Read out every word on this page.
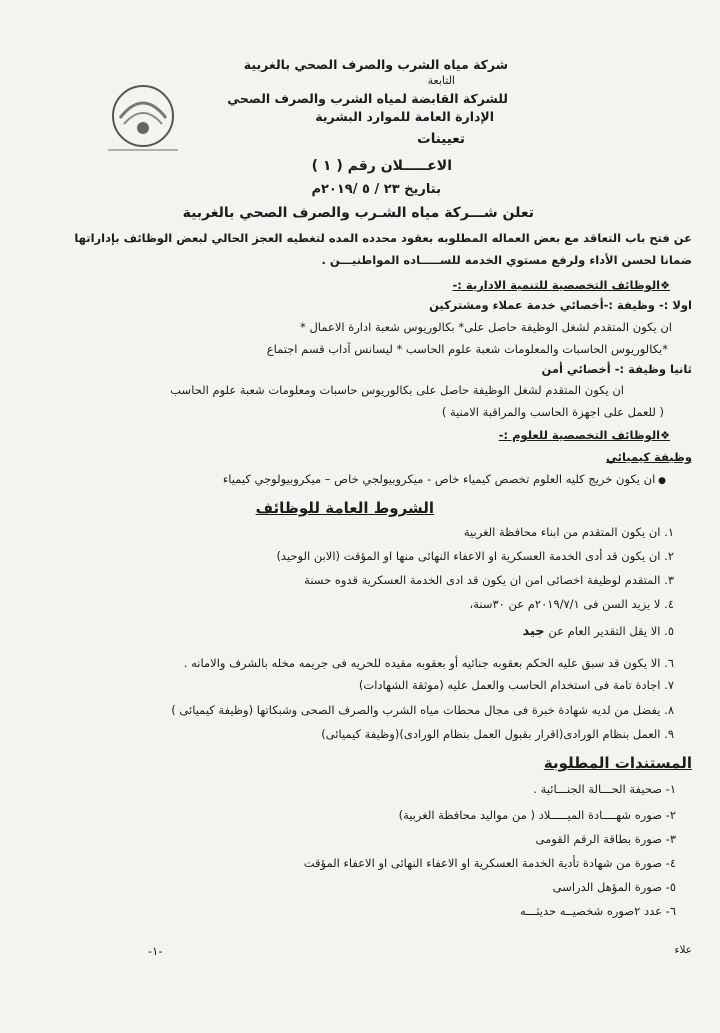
شركة مياه الشرب والصرف الصحي بالغربية
التابعة
للشركة القابضة لمياه الشرب والصرف الصحي
الإدارة العامة للموارد البشرية
تعيينات
الاعـــــلان رقم ( ١ )
بتاريخ ٢٣ / ٥ /٢٠١٩م
تعلن شـــركة مياه الشـرب والصرف الصحي بالغربية
عن فتح باب التعاقد مع بعض العماله المطلوبه بعقود محدده المده لتغطيه العجز الحالي لبعض الوظائف بإداراتها
ضمانا لحسن الأداء ولرفع مستوي الخدمه للســـــاده المواطنيـــن .
❖ الوظائف التخصصية للتنمية الادارية :-
اولا :- وظيفة :-أخصائي خدمة عملاء ومشتركين
ان يكون المتقدم لشغل الوظيفة حاصل على* بكالوريوس شعبة ادارة الاعمال *
*بكالوريوس الحاسبات والمعلومات شعبة علوم الحاسب * ليسانس آداب قسم اجتماع
ثانيا وظيفة :- أخصائي أمن
ان يكون المتقدم لشغل الوظيفة حاصل على بكالوريوس حاسبات ومعلومات شعبة علوم الحاسب
( للعمل على اجهزة الحاسب والمراقبة الامنية )
❖ الوظائف التخصصية للعلوم :-
وظيفة كيميائي
● ان يكون خريج كليه العلوم تخصص كيمياء خاص - ميكروبيولجي خاص – ميكروبيولوجي كيمياء
الشروط العامة للوظائف
١. ان يكون المتقدم من ابناء محافظة الغربية
٢. ان يكون قد أدى الخدمة العسكرية او الاعفاء النهائى منها او المؤقت (الابن الوحيد)
٣. المتقدم لوظيفة اخصائى امن ان يكون قد ادى الخدمة العسكرية قدوه حسنة
٤. لا يزيد السن فى ٢٠١٩/٧/١م عن ٣٠سنة،
٥. الا يقل التقدير العام عن جيد
٦. الا يكون قد سبق عليه الحكم بعقوبه جنائيه أو بعقوبه مقيده للحريه فى جريمه مخله بالشرف والامانه .
٧. اجادة تامة فى استخدام الحاسب والعمل عليه (موثقة الشهادات)
٨. يفضل من لديه شهادة خبرة فى مجال محطات مياه الشرب والصرف الصحى وشبكاتها (وظيفة كيميائى )
٩. العمل بنظام الورادى(اقرار بقبول العمل بنظام الورادى)(وظيفة كيميائى)
المستندات المطلوبة
١- صحيفة الحـــالة الجنـــائية .
٢- صوره شهــــادة الميـــــلاد ( من مواليد محافظة الغربية)
٣- صورة بطاقة الرقم القومى
٤- صورة من شهادة تأدية الخدمة العسكرية او الاعفاء النهائى او الاعفاء المؤقت
٥- صورة المؤهل الدراسى
٦- عدد ٢صوره شخصيــه حديثـــه
-١-	علاء
